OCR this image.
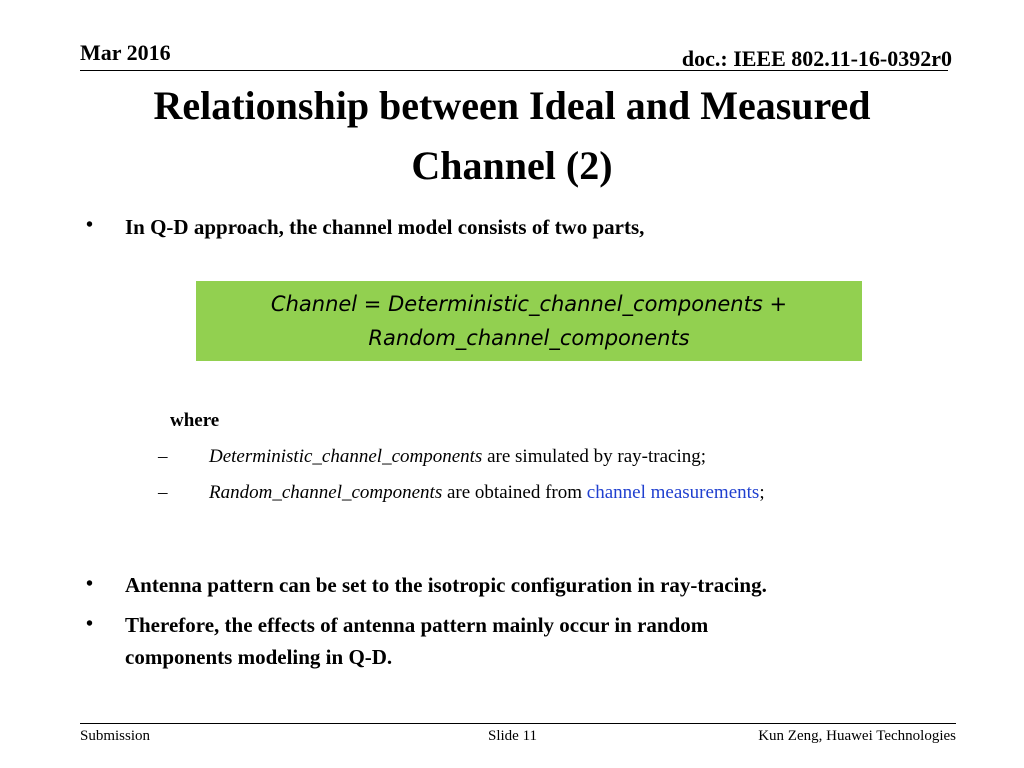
Mar 2016	doc.: IEEE 802.11-16-0392r0
Relationship between Ideal and Measured
Channel (2)
• In Q-D approach, the channel model consists of two parts,
Channel = Deterministic_channel_components +
Random_channel_components
where
– Deterministic_channel_components are simulated by ray-tracing;
– Random_channel_components are obtained from channel measurements;
• Antenna pattern can be set to the isotropic configuration in ray-tracing.
• Therefore, the effects of antenna pattern mainly occur in random
components modeling in Q-D.
Submission	Slide 11	Kun Zeng, Huawei Technologies
